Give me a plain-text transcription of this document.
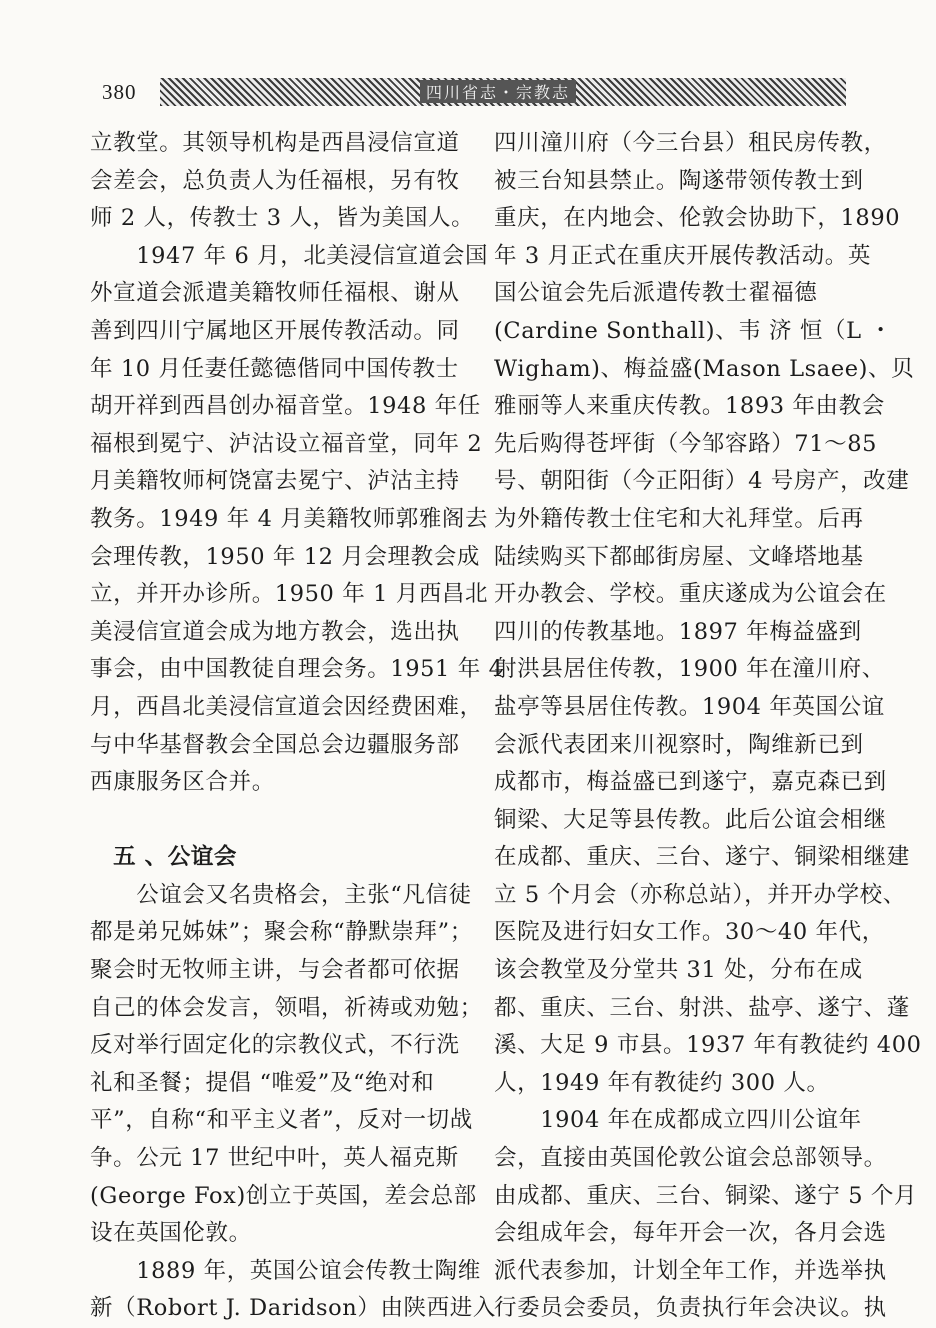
380	四川省志・宗教志
立教堂。其领导机构是西昌浸信宣道
会差会，总负责人为任福根，另有牧
师 2 人，传教士 3 人，皆为美国人。
　　1947 年 6 月，北美浸信宣道会国
外宣道会派遣美籍牧师任福根、谢从
善到四川宁属地区开展传教活动。同
年 10 月任妻任懿德偕同中国传教士
胡开祥到西昌创办福音堂。1948 年任
福根到冕宁、泸沽设立福音堂，同年 2
月美籍牧师柯饶富去冕宁、泸沽主持
教务。1949 年 4 月美籍牧师郭雅阁去
会理传教，1950 年 12 月会理教会成
立，并开办诊所。1950 年 1 月西昌北
美浸信宣道会成为地方教会，选出执
事会，由中国教徒自理会务。1951 年 4
月，西昌北美浸信宣道会因经费困难，
与中华基督教会全国总会边疆服务部
西康服务区合并。
　五 、公谊会
　　公谊会又名贵格会，主张“凡信徒
都是弟兄姊妹”；聚会称“静默崇拜”；
聚会时无牧师主讲，与会者都可依据
自己的体会发言，领唱，祈祷或劝勉；
反对举行固定化的宗教仪式，不行洗
礼和圣餐；提倡 “唯爱”及“绝对和
平”，自称“和平主义者”，反对一切战
争。公元 17 世纪中叶，英人福克斯
(George Fox)创立于英国，差会总部
设在英国伦敦。
　　1889 年，英国公谊会传教士陶维
新（Robort J. Daridson）由陕西进入
四川潼川府（今三台县）租民房传教，
被三台知县禁止。陶遂带领传教士到
重庆，在内地会、伦敦会协助下，1890
年 3 月正式在重庆开展传教活动。英
国公谊会先后派遣传教士翟福德
(Cardine Sonthall)、韦 济 恒（L ・
Wigham)、梅益盛(Mason Lsaee)、贝
雅丽等人来重庆传教。1893 年由教会
先后购得苍坪街（今邹容路）71～85
号、朝阳街（今正阳街）4 号房产，改建
为外籍传教士住宅和大礼拜堂。后再
陆续购买下都邮街房屋、文峰塔地基
开办教会、学校。重庆遂成为公谊会在
四川的传教基地。1897 年梅益盛到
射洪县居住传教，1900 年在潼川府、
盐亭等县居住传教。1904 年英国公谊
会派代表团来川视察时，陶维新已到
成都市，梅益盛已到遂宁，嘉克森已到
铜梁、大足等县传教。此后公谊会相继
在成都、重庆、三台、遂宁、铜梁相继建
立 5 个月会（亦称总站），并开办学校、
医院及进行妇女工作。30～40 年代，
该会教堂及分堂共 31 处，分布在成
都、重庆、三台、射洪、盐亭、遂宁、蓬
溪、大足 9 市县。1937 年有教徒约 400
人，1949 年有教徒约 300 人。
　　1904 年在成都成立四川公谊年
会，直接由英国伦敦公谊会总部领导。
由成都、重庆、三台、铜梁、遂宁 5 个月
会组成年会，每年开会一次，各月会选
派代表参加，计划全年工作，并选举执
行委员会委员，负责执行年会决议。执
